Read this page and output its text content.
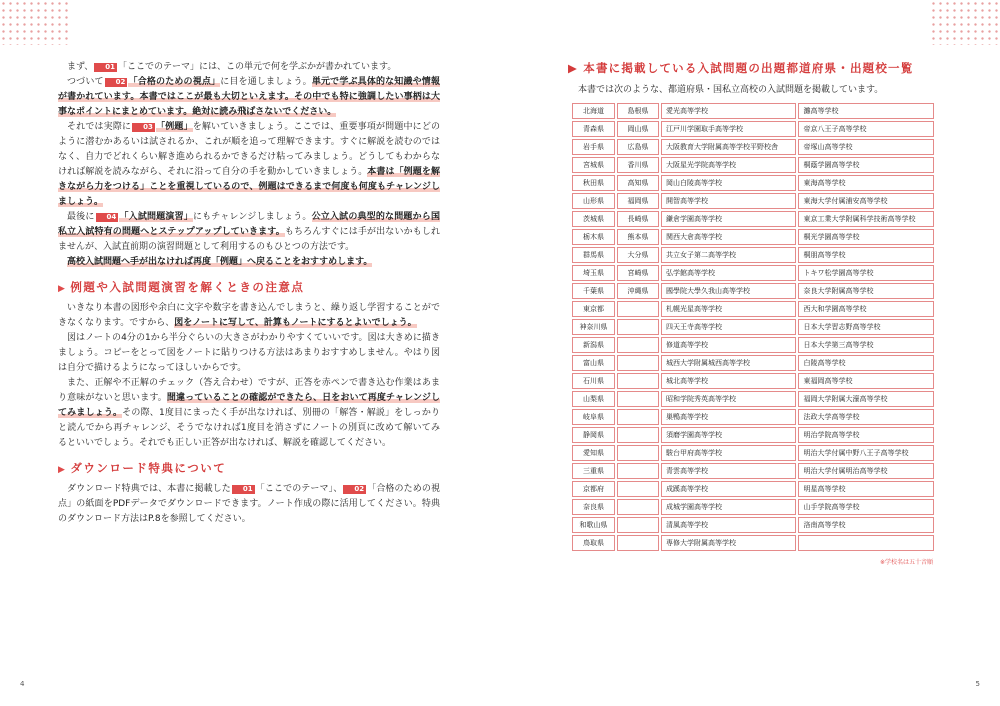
まず、 01 「ここでのテーマ」には、この単元で何を学ぶかが書かれています。

つづいて 02 「合格のための視点」に目を通しましょう。単元で学ぶ具体的な知識や情報が書かれています。本書ではここが最も大切といえます。その中でも特に強調したい事柄は大事なポイントにまとめています。絶対に読み飛ばさないでください。

それでは実際に 03 「例題」を解いていきましょう。ここでは、重要事項が問題中にどのように潜むかあるいは試されるか、これが順を追って理解できます。すぐに解説を読むのではなく、自力でどれくらい解き進められるかできるだけ粘ってみましょう。どうしてもわからなければ解説を読みながら、それに沿って自分の手を動かしていきましょう。本書は「例題を解きながら力をつける」ことを重視しているので、例題はできるまで何度も何度もチャレンジしましょう。

最後に 04 「入試問題演習」にもチャレンジしましょう。公立入試の典型的な問題から国私立入試特有の問題へとステップアップしていきます。もちろんすぐには手が出ないかもしれませんが、入試直前期の演習問題として利用するのもひとつの方法です。

高校入試問題へ手が出なければ再度「例題」へ戻ることをおすすめします。

▶ 例題や入試問題演習を解くときの注意点

いきなり本書の図形や余白に文字や数字を書き込んでしまうと、繰り返し学習することができなくなります。ですから、図をノートに写して、計算もノートにするとよいでしょう。

図はノートの4分の1から半分ぐらいの大きさがわかりやすくていいです。図は大きめに描きましょう。コピーをとって図をノートに貼りつける方法はあまりおすすめしません。やはり図は自分で描けるようになってほしいからです。

また、正解や不正解のチェック（答え合わせ）ですが、正答を赤ペンで書き込む作業はあまり意味がないと思います。間違っていることの確認ができたら、日をおいて再度チャレンジしてみましょう。その際、1度目にまったく手が出なければ、別冊の「解答・解説」をしっかりと読んでから再チャレンジ、そうでなければ1度目を消さずにノートの別頁に改めて解いてみるといいでしょう。それでも正しい正答が出なければ、解説を確認してください。

▶ ダウンロード特典について

ダウンロード特典では、本書に掲載した 01 「ここでのテーマ」、 02 「合格のための視点」の紙面をPDFデータでダウンロードできます。ノート作成の際に活用してください。特典のダウンロード方法はP.8を参照してください。

▶ 本書に掲載している入試問題の出題都道府県・出題校一覧
本書では次のような、都道府県・国私立高校の入試問題を掲載しています。
北海道	島根県	愛光高等学校	灘高等学校
青森県	岡山県	江戸川学園取手高等学校	帝京八王子高等学校
岩手県	広島県	大阪教育大学附属高等学校平野校舎	帝塚山高等学校
宮城県	香川県	大阪星光学院高等学校	桐蔭学園高等学校
秋田県	高知県	岡山白陵高等学校	東海高等学校
山形県	福岡県	開智高等学校	東海大学付属浦安高等学校
茨城県	長崎県	鎌倉学園高等学校	東京工業大学附属科学技術高等学校
栃木県	熊本県	関西大倉高等学校	桐光学園高等学校
群馬県	大分県	共立女子第二高等学校	桐朋高等学校
埼玉県	宮崎県	弘学館高等学校	トキワ松学園高等学校
千葉県	沖縄県	國學院大學久我山高等学校	奈良大学附属高等学校
東京都		札幌光星高等学校	西大和学園高等学校
神奈川県		四天王寺高等学校	日本大学習志野高等学校
新潟県		修道高等学校	日本大学第三高等学校
富山県		城西大学附属城西高等学校	白陵高等学校
石川県		城北高等学校	東福岡高等学校
山梨県		昭和学院秀英高等学校	福岡大学附属大濠高等学校
岐阜県		巣鴨高等学校	法政大学高等学校
静岡県		須磨学園高等学校	明治学院高等学校
愛知県		駿台甲府高等学校	明治大学付属中野八王子高等学校
三重県		青雲高等学校	明治大学付属明治高等学校
京都府		成蹊高等学校	明星高等学校
奈良県		成城学園高等学校	山手学院高等学校
和歌山県		清風高等学校	洛南高等学校
鳥取県		専修大学附属高等学校	
※学校名は五十音順
4	5
